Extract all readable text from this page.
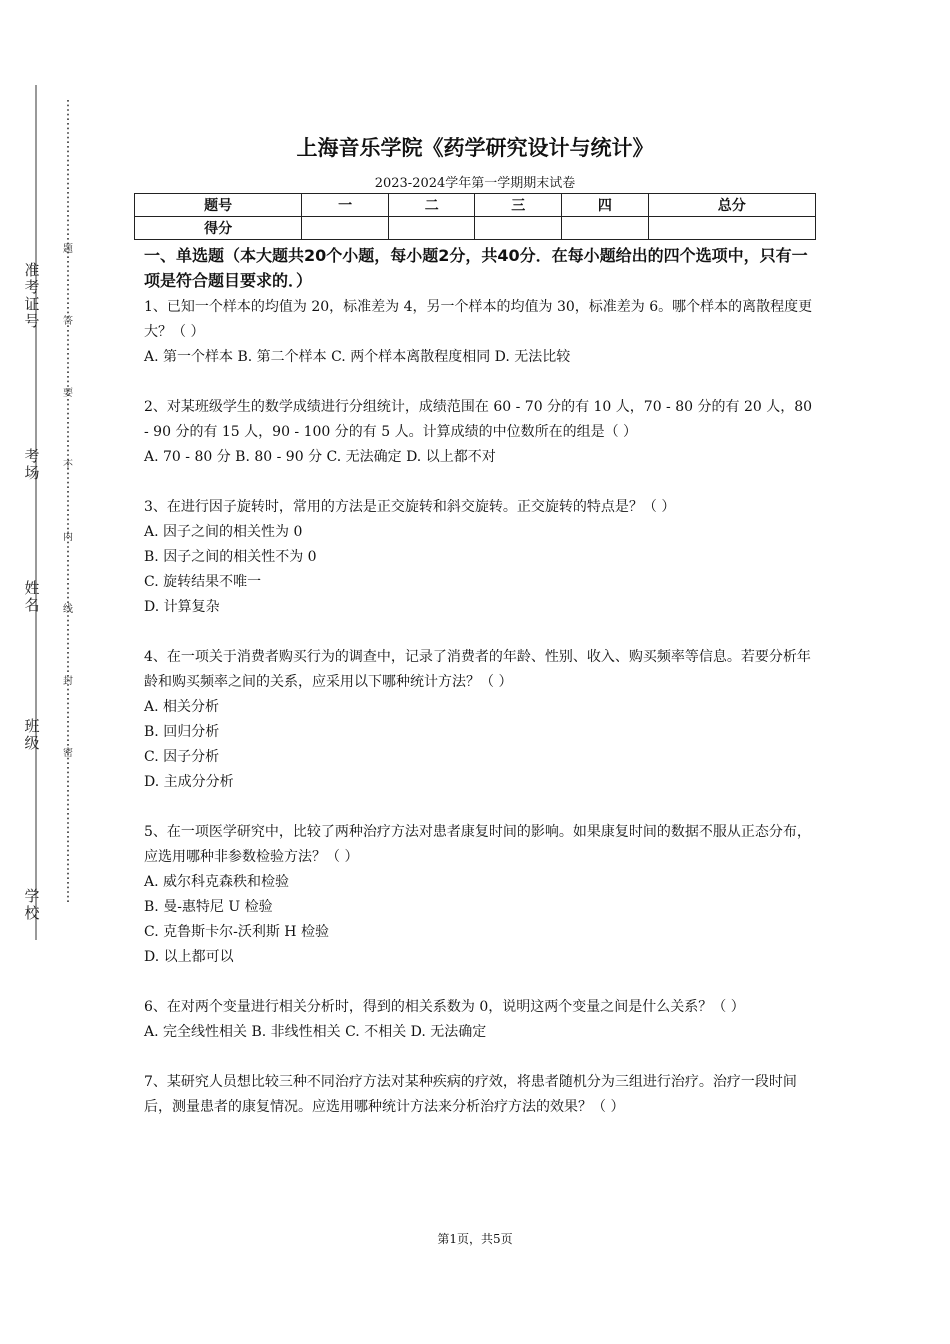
准考证号
考场
姓名
班级
学校
题
答
要
不
内
线
封
密
上海音乐学院《药学研究设计与统计》
2023-2024学年第一学期期末试卷
题号	一	二	三	四	总分
得分					
一、单选题（本大题共20个小题，每小题2分，共40分．在每小题给出的四个选项中，只有一项是符合题目要求的．）

1、已知一个样本的均值为 20，标准差为 4，另一个样本的均值为 30，标准差为 6。哪个样本的离散程度更大？（ ）

A. 第一个样本 B. 第二个样本 C. 两个样本离散程度相同 D. 无法比较

2、对某班级学生的数学成绩进行分组统计，成绩范围在 60 - 70 分的有 10 人，70 - 80 分的有 20 人，80 - 90 分的有 15 人，90 - 100 分的有 5 人。计算成绩的中位数所在的组是（ ）

A. 70 - 80 分 B. 80 - 90 分 C. 无法确定 D. 以上都不对

3、在进行因子旋转时，常用的方法是正交旋转和斜交旋转。正交旋转的特点是？（ ）

A. 因子之间的相关性为 0

B. 因子之间的相关性不为 0

C. 旋转结果不唯一

D. 计算复杂

4、在一项关于消费者购买行为的调查中，记录了消费者的年龄、性别、收入、购买频率等信息。若要分析年龄和购买频率之间的关系，应采用以下哪种统计方法？（ ）

A. 相关分析

B. 回归分析

C. 因子分析

D. 主成分分析

5、在一项医学研究中，比较了两种治疗方法对患者康复时间的影响。如果康复时间的数据不服从正态分布，应选用哪种非参数检验方法？（ ）

A. 威尔科克森秩和检验

B. 曼-惠特尼 U 检验

C. 克鲁斯卡尔-沃利斯 H 检验

D. 以上都可以

6、在对两个变量进行相关分析时，得到的相关系数为 0，说明这两个变量之间是什么关系？（ ）

A. 完全线性相关 B. 非线性相关 C. 不相关 D. 无法确定

7、某研究人员想比较三种不同治疗方法对某种疾病的疗效，将患者随机分为三组进行治疗。治疗一段时间后，测量患者的康复情况。应选用哪种统计方法来分析治疗方法的效果？（ ）

第1页，共5页
